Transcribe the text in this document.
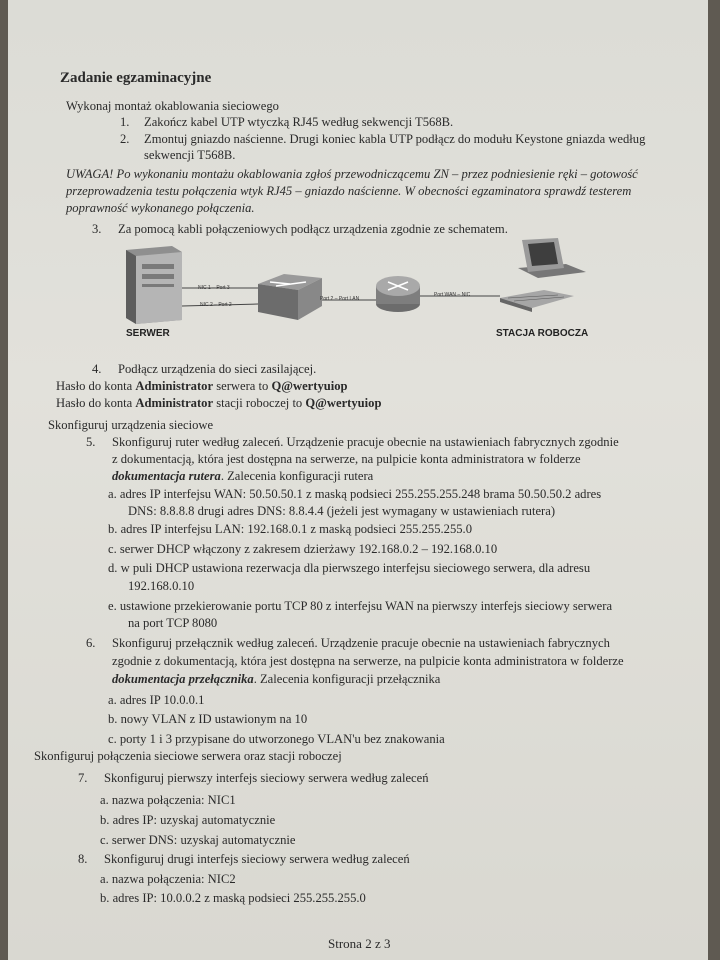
Zadanie egzaminacyjne
Wykonaj montaż okablowania sieciowego
1. Zakończ kabel UTP wtyczką RJ45 według sekwencji T568B.
2. Zmontuj gniazdo naścienne. Drugi koniec kabla UTP podłącz do modułu Keystone gniazda według
sekwencji T568B.
UWAGA! Po wykonaniu montażu okablowania zgłoś przewodniczącemu ZN – przez podniesienie ręki – gotowość
przeprowadzenia testu połączenia wtyk RJ45 – gniazdo naścienne. W obecności egzaminatora sprawdź testerem
poprawność wykonanego połączenia.
3. Za pomocą kabli połączeniowych podłącz urządzenia zgodnie ze schematem.
NIC 1 – Port 3
NIC 2 – Port 2
Port 2 – Port LAN
Port WAN – NIC
SERWER	STACJA ROBOCZA
4. Podłącz urządzenia do sieci zasilającej.
Hasło do konta Administrator serwera to Q@wertyuiop
Hasło do konta Administrator stacji roboczej to Q@wertyuiop
Skonfiguruj urządzenia sieciowe
5. Skonfiguruj ruter według zaleceń. Urządzenie pracuje obecnie na ustawieniach fabrycznych zgodnie
z dokumentacją, która jest dostępna na serwerze, na pulpicie konta administratora w folderze
dokumentacja rutera. Zalecenia konfiguracji rutera
a. adres IP interfejsu WAN: 50.50.50.1 z maską podsieci 255.255.255.248 brama 50.50.50.2 adres
DNS: 8.8.8.8 drugi adres DNS: 8.8.4.4 (jeżeli jest wymagany w ustawieniach rutera)
b. adres IP interfejsu LAN: 192.168.0.1 z maską podsieci 255.255.255.0
c. serwer DHCP włączony z zakresem dzierżawy 192.168.0.2 – 192.168.0.10
d. w puli DHCP ustawiona rezerwacja dla pierwszego interfejsu sieciowego serwera, dla adresu
192.168.0.10
e. ustawione przekierowanie portu TCP 80 z interfejsu WAN na pierwszy interfejs sieciowy serwera
na port TCP 8080
6. Skonfiguruj przełącznik według zaleceń. Urządzenie pracuje obecnie na ustawieniach fabrycznych
zgodnie z dokumentacją, która jest dostępna na serwerze, na pulpicie konta administratora w folderze
dokumentacja przełącznika. Zalecenia konfiguracji przełącznika
a. adres IP 10.0.0.1
b. nowy VLAN z ID ustawionym na 10
c. porty 1 i 3 przypisane do utworzonego VLAN'u bez znakowania
Skonfiguruj połączenia sieciowe serwera oraz stacji roboczej
7. Skonfiguruj pierwszy interfejs sieciowy serwera według zaleceń
a. nazwa połączenia: NIC1
b. adres IP: uzyskaj automatycznie
c. serwer DNS: uzyskaj automatycznie
8. Skonfiguruj drugi interfejs sieciowy serwera według zaleceń
a. nazwa połączenia: NIC2
b. adres IP: 10.0.0.2 z maską podsieci 255.255.255.0
Strona 2 z 3
